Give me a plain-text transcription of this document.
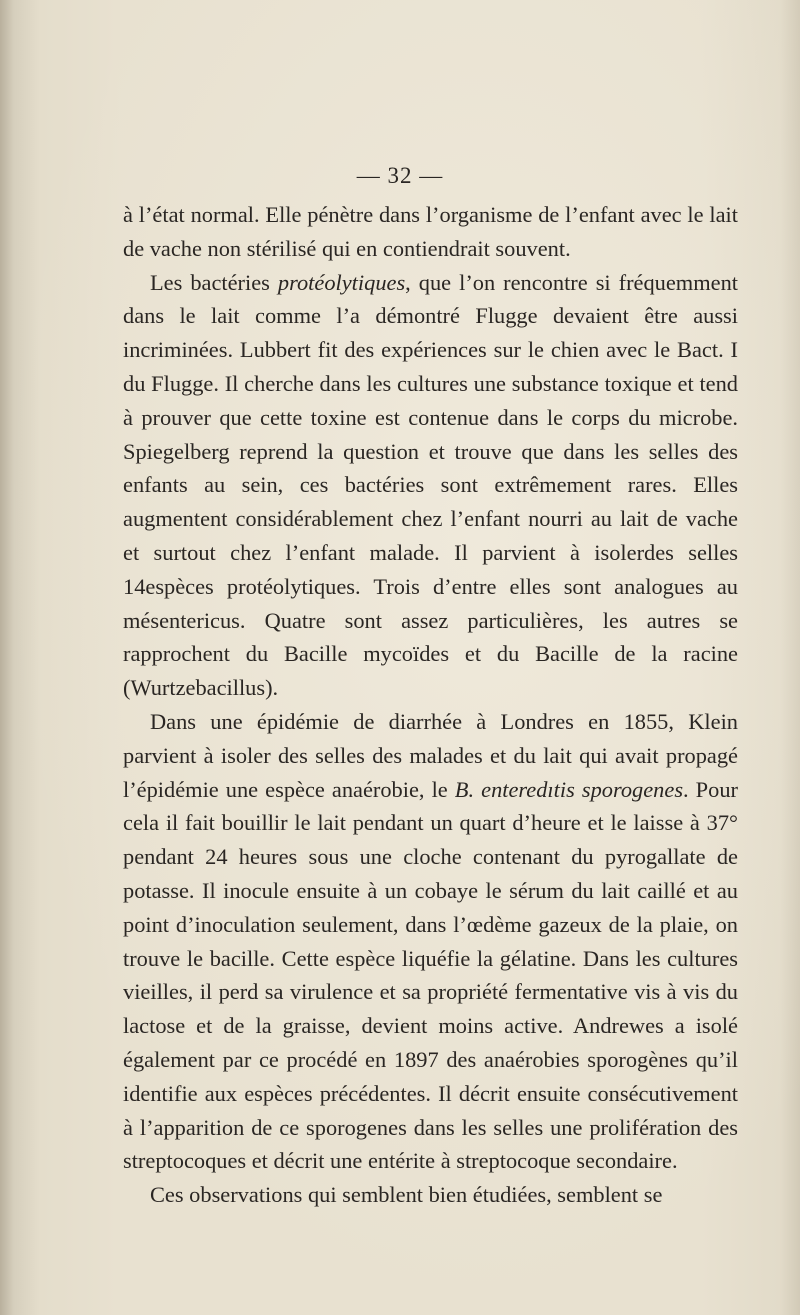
— 32 —

à l’état normal. Elle pénètre dans l’organisme de l’enfant avec le lait de vache non stérilisé qui en contiendrait souvent.

Les bactéries protéolytiques, que l’on rencontre si fréquemment dans le lait comme l’a démontré Flugge devaient être aussi incriminées. Lubbert fit des expériences sur le chien avec le Bact. I du Flugge. Il cherche dans les cultures une substance toxique et tend à prouver que cette toxine est contenue dans le corps du microbe. Spiegelberg reprend la question et trouve que dans les selles des enfants au sein, ces bactéries sont extrêmement rares. Elles augmentent considérablement chez l’enfant nourri au lait de vache et surtout chez l’enfant malade. Il parvient à isolerdes selles 14espèces protéolytiques. Trois d’entre elles sont analogues au mésentericus. Quatre sont assez particulières, les autres se rapprochent du Bacille mycoïdes et du Bacille de la racine (Wurtzebacillus).

Dans une épidémie de diarrhée à Londres en 1855, Klein parvient à isoler des selles des malades et du lait qui avait propagé l’épidémie une espèce anaérobie, le B. enteredıtis sporogenes. Pour cela il fait bouillir le lait pendant un quart d’heure et le laisse à 37° pendant 24 heures sous une cloche contenant du pyrogallate de potasse. Il inocule ensuite à un cobaye le sérum du lait caillé et au point d’inoculation seulement, dans l’œdème gazeux de la plaie, on trouve le bacille. Cette espèce liquéfie la gélatine. Dans les cultures vieilles, il perd sa virulence et sa propriété fermentative vis à vis du lactose et de la graisse, devient moins active. Andrewes a isolé également par ce procédé en 1897 des anaérobies sporogènes qu’il identifie aux espèces précédentes. Il décrit ensuite consécutivement à l’apparition de ce sporogenes dans les selles une prolifération des streptocoques et décrit une entérite à streptocoque secondaire.

Ces observations qui semblent bien étudiées, semblent se
